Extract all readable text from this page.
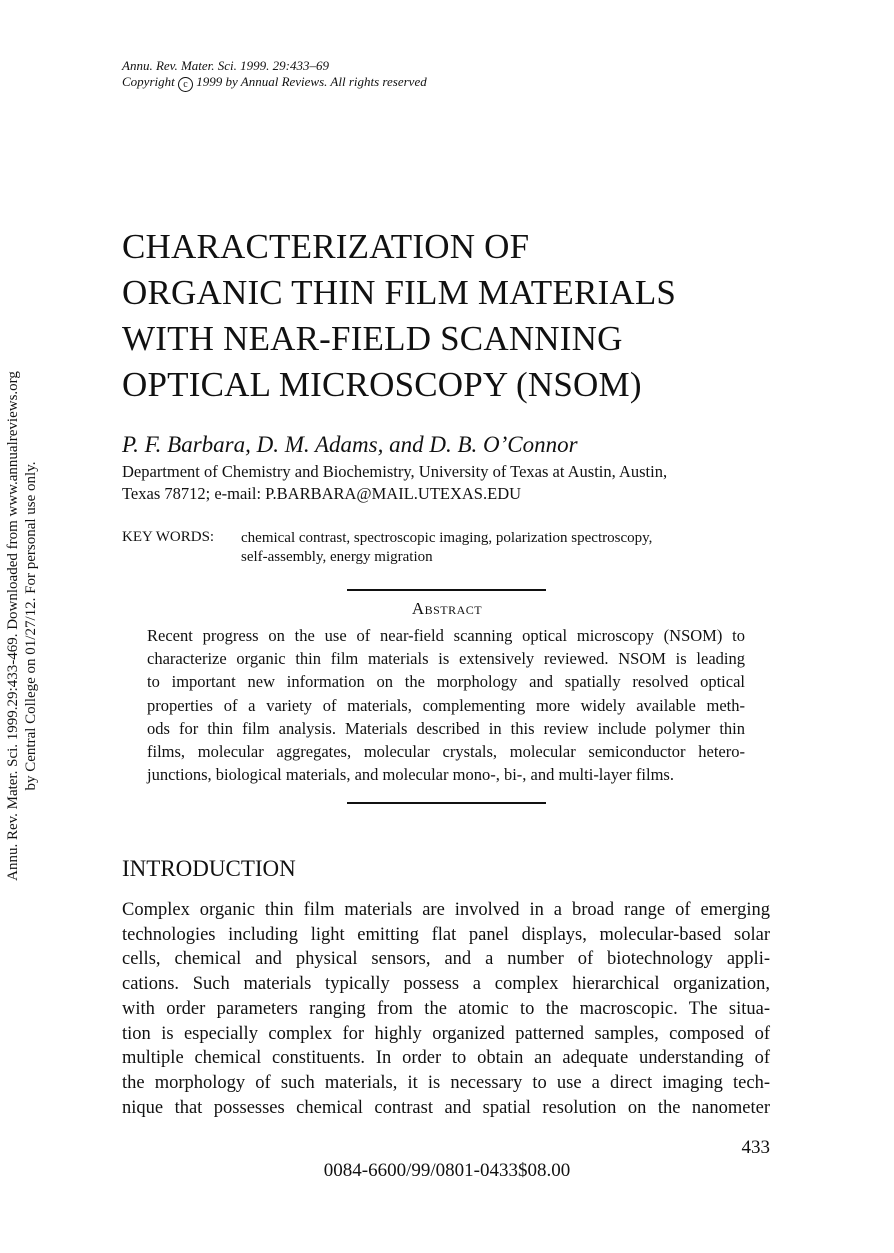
Annu. Rev. Mater. Sci. 1999. 29:433–69
Copyright c 1999 by Annual Reviews. All rights reserved
Annu. Rev. Mater. Sci. 1999.29:433-469. Downloaded from www.annualreviews.org by Central College on 01/27/12. For personal use only.
CHARACTERIZATION OF
ORGANIC THIN FILM MATERIALS
WITH NEAR-FIELD SCANNING
OPTICAL MICROSCOPY (NSOM)
P. F. Barbara, D. M. Adams, and D. B. O’Connor
Department of Chemistry and Biochemistry, University of Texas at Austin, Austin,
Texas 78712; e-mail: P.BARBARA@MAIL.UTEXAS.EDU
KEY WORDS: chemical contrast, spectroscopic imaging, polarization spectroscopy,
self-assembly, energy migration
Abstract
Recent progress on the use of near-field scanning optical microscopy (NSOM) to
characterize organic thin film materials is extensively reviewed. NSOM is leading
to important new information on the morphology and spatially resolved optical
properties of a variety of materials, complementing more widely available meth-
ods for thin film analysis. Materials described in this review include polymer thin
films, molecular aggregates, molecular crystals, molecular semiconductor hetero-
junctions, biological materials, and molecular mono-, bi-, and multi-layer films.
INTRODUCTION
Complex organic thin film materials are involved in a broad range of emerging
technologies including light emitting flat panel displays, molecular-based solar
cells, chemical and physical sensors, and a number of biotechnology appli-
cations. Such materials typically possess a complex hierarchical organization,
with order parameters ranging from the atomic to the macroscopic. The situa-
tion is especially complex for highly organized patterned samples, composed of
multiple chemical constituents. In order to obtain an adequate understanding of
the morphology of such materials, it is necessary to use a direct imaging tech-
nique that possesses chemical contrast and spatial resolution on the nanometer
433
0084-6600/99/0801-0433$08.00
